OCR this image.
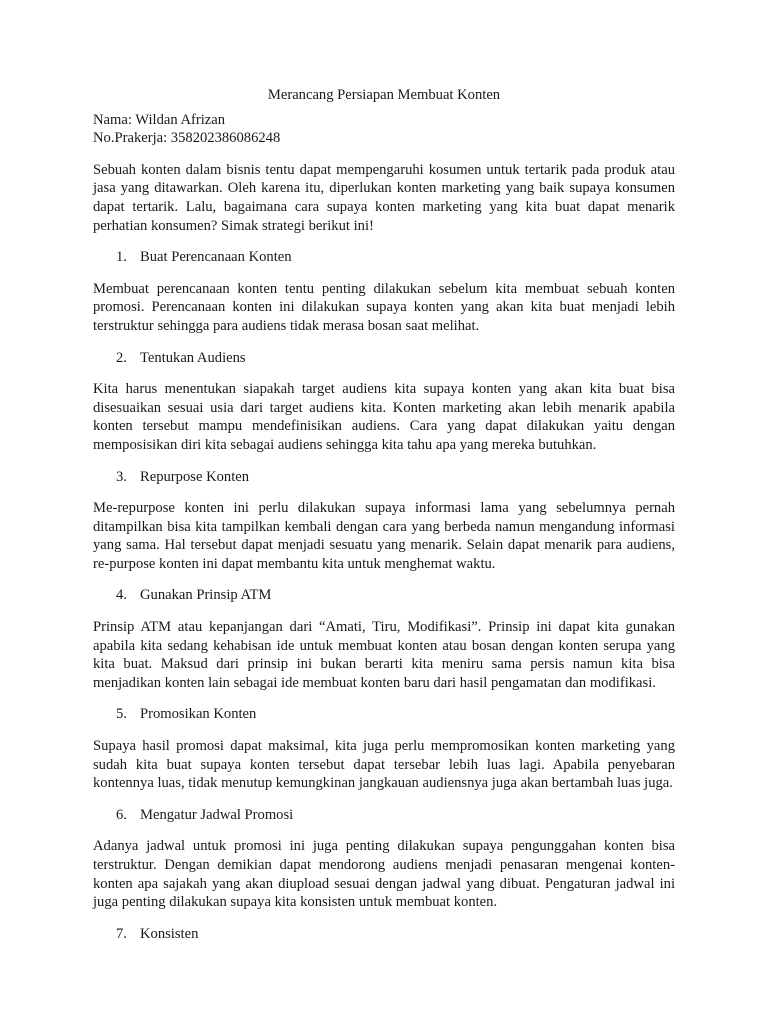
Merancang Persiapan Membuat Konten

Nama: Wildan Afrizan

No.Prakerja: 358202386086248

Sebuah konten dalam bisnis tentu dapat mempengaruhi kosumen untuk tertarik pada produk atau jasa yang ditawarkan. Oleh karena itu, diperlukan konten marketing yang baik supaya konsumen dapat tertarik. Lalu, bagaimana cara supaya konten marketing yang kita buat dapat menarik perhatian konsumen? Simak strategi berikut ini!

1. Buat Perencanaan Konten

Membuat perencanaan konten tentu penting dilakukan sebelum kita membuat sebuah konten promosi. Perencanaan konten ini dilakukan supaya konten yang akan kita buat menjadi lebih terstruktur sehingga para audiens tidak merasa bosan saat melihat.

2. Tentukan Audiens

Kita harus menentukan siapakah target audiens kita supaya konten yang akan kita buat bisa disesuaikan sesuai usia dari target audiens kita. Konten marketing akan lebih menarik apabila konten tersebut mampu mendefinisikan audiens. Cara yang dapat dilakukan yaitu dengan memposisikan diri kita sebagai audiens sehingga kita tahu apa yang mereka butuhkan.

3. Repurpose Konten

Me-repurpose konten ini perlu dilakukan supaya informasi lama yang sebelumnya pernah ditampilkan bisa kita tampilkan kembali dengan cara yang berbeda namun mengandung informasi yang sama. Hal tersebut dapat menjadi sesuatu yang menarik. Selain dapat menarik para audiens, re-purpose konten ini dapat membantu kita untuk menghemat waktu.

4. Gunakan Prinsip ATM

Prinsip ATM atau kepanjangan dari “Amati, Tiru, Modifikasi”. Prinsip ini dapat kita gunakan apabila kita sedang kehabisan ide untuk membuat konten atau bosan dengan konten serupa yang kita buat. Maksud dari prinsip ini bukan berarti kita meniru sama persis namun kita bisa menjadikan konten lain sebagai ide membuat konten baru dari hasil pengamatan dan modifikasi.

5. Promosikan Konten

Supaya hasil promosi dapat maksimal, kita juga perlu mempromosikan konten marketing yang sudah kita buat supaya konten tersebut dapat tersebar lebih luas lagi. Apabila penyebaran kontennya luas, tidak menutup kemungkinan jangkauan audiensnya juga akan bertambah luas juga.

6. Mengatur Jadwal Promosi

Adanya jadwal untuk promosi ini juga penting dilakukan supaya pengunggahan konten bisa terstruktur. Dengan demikian dapat mendorong audiens menjadi penasaran mengenai konten-konten apa sajakah yang akan diupload sesuai dengan jadwal yang dibuat. Pengaturan jadwal ini juga penting dilakukan supaya kita konsisten untuk membuat konten.

7. Konsisten
